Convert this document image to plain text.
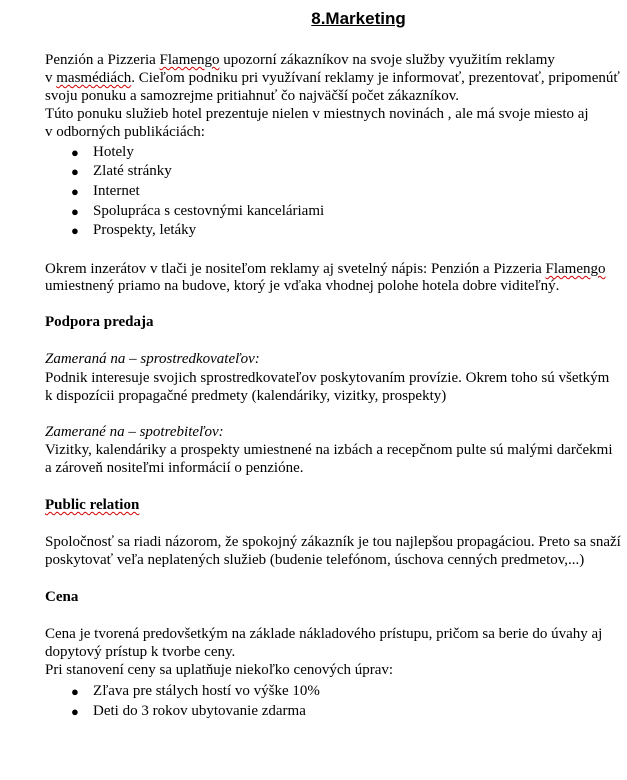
8.Marketing
Penzión a Pizzeria Flamengo upozorní zákazníkov na svoje služby využitím reklamy
v masmédiách. Cieľom podniku pri využívaní reklamy je informovať, prezentovať, pripomenúť
svoju ponuku a samozrejme pritiahnuť čo najväčší počet zákazníkov.
Túto ponuku služieb hotel prezentuje nielen v miestnych novinách , ale má svoje miesto aj
v odborných publikáciách:
● Hotely
● Zlaté stránky
● Internet
● Spolupráca s cestovnými kanceláriami
● Prospekty, letáky
Okrem inzerátov v tlači je nositeľom reklamy aj svetelný nápis: Penzión a Pizzeria Flamengo
umiestnený priamo na budove, ktorý je vďaka vhodnej polohe hotela dobre viditeľný.
Podpora predaja
Zameraná na – sprostredkovateľov:
Podnik interesuje svojich sprostredkovateľov poskytovaním provízie. Okrem toho sú všetkým
k dispozícii propagačné predmety (kalendáriky, vizitky, prospekty)
Zamerané na – spotrebiteľov:
Vizitky, kalendáriky a prospekty umiestnené na izbách a recepčnom pulte sú malými darčekmi
a zároveň nositeľmi informácií o penzióne.
Public relation
Spoločnosť sa riadi názorom, že spokojný zákazník je tou najlepšou propagáciou. Preto sa snaží
poskytovať veľa neplatených služieb (budenie telefónom, úschova cenných predmetov,...)
Cena
Cena je tvorená predovšetkým na základe nákladového prístupu, pričom sa berie do úvahy aj
dopytový prístup k tvorbe ceny.
Pri stanovení ceny sa uplatňuje niekoľko cenových úprav:
● Zľava pre stálych hostí vo výške 10%
● Deti do 3 rokov ubytovanie zdarma
